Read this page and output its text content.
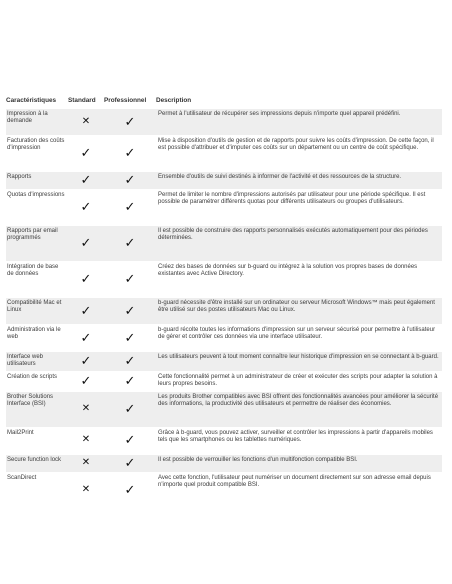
Caractéristiques	Standard	Professionnel	Description
Impression à la demande	✕	✓	Permet à l'utilisateur de récupérer ses impressions depuis n'importe quel appareil prédéfini.
Facturation des coûts d'impression	✓	✓	Mise à disposition d'outils de gestion et de rapports pour suivre les coûts d'impression. De cette façon, il est possible d'attribuer et d'imputer ces coûts sur un département ou un centre de coût spécifique.
Rapports	✓	✓	Ensemble d'outils de suivi destinés à informer de l'activité et des ressources de la structure.
Quotas d'impressions	✓	✓	Permet de limiter le nombre d'impressions autorisés par utilisateur pour une période spécifique. Il est possible de paramétrer différents quotas pour différents utilisateurs ou groupes d'utilisateurs.
Rapports par email programmés	✓	✓	Il est possible de construire des rapports personnalisés exécutés automatiquement pour des périodes déterminées.
Intégration de base de données	✓	✓	Créez des bases de données sur b-guard ou intégrez à la solution vos propres bases de données existantes avec Active Directory.
Compatibilité Mac et Linux	✓	✓	b-guard nécessite d'être installé sur un ordinateur ou serveur Microsoft Windows™ mais peut également être utilisé sur des postes utilisateurs Mac ou Linux.
Administration via le web	✓	✓	b-guard récolte toutes les informations d'impression sur un serveur sécurisé pour permettre à l'utilisateur de gérer et contrôler ces données via une interface utilisateur.
Interface web utilisateurs	✓	✓	Les utilisateurs peuvent à tout moment connaître leur historique d'impression en se connectant à b-guard.
Création de scripts	✓	✓	Cette fonctionnalité permet à un administrateur de créer et exécuter des scripts pour adapter la solution à leurs propres besoins.
Brother Solutions Interface (BSI)	✕	✓	Les produits Brother compatibles avec BSI offrent des fonctionnalités avancées pour améliorer la sécurité des informations, la productivité des utilisateurs et permettre de réaliser des économies.
Mail2Print	✕	✓	Grâce à b-guard, vous pouvez activer, surveiller et contrôler les impressions à partir d'appareils mobiles tels que les smartphones ou les tablettes numériques.
Secure function lock	✕	✓	Il est possible de verrouiller les fonctions d'un multifonction compatible BSI.
ScanDirect	✕	✓	Avec cette fonction, l'utilisateur peut numériser un document directement sur son adresse email depuis n'importe quel produit compatible BSI.
